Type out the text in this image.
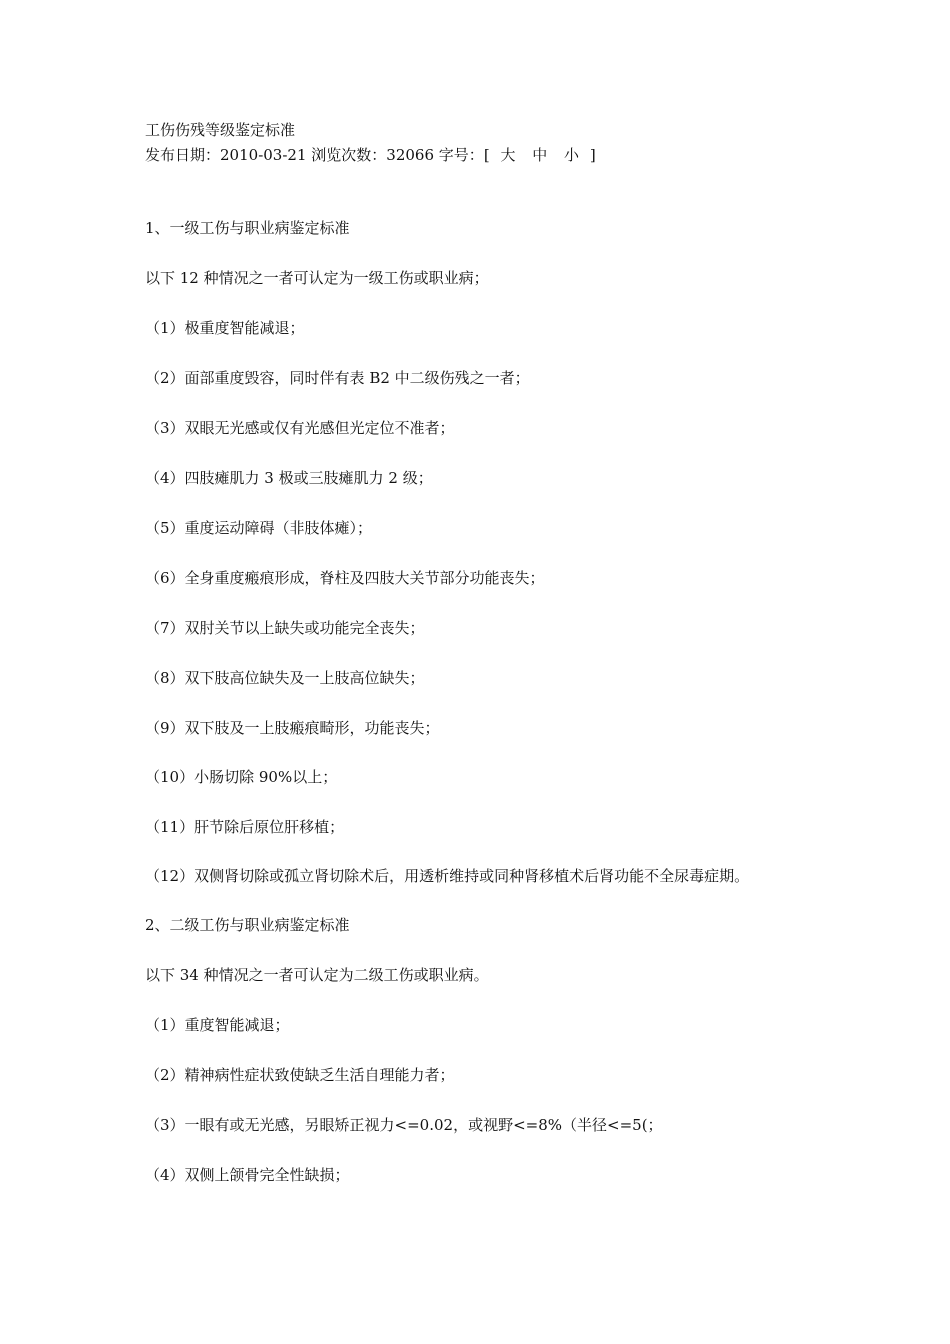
工伤伤残等级鉴定标准
发布日期：2010-03-21 浏览次数：32066 字号：[ 大 中 小 ]
1、一级工伤与职业病鉴定标准
以下 12 种情况之一者可认定为一级工伤或职业病；
（1）极重度智能减退；
（2）面部重度毁容，同时伴有表 B2 中二级伤残之一者；
（3）双眼无光感或仅有光感但光定位不准者；
（4）四肢瘫肌力 3 极或三肢瘫肌力 2 级；
（5）重度运动障碍（非肢体瘫）；
（6）全身重度瘢痕形成，脊柱及四肢大关节部分功能丧失；
（7）双肘关节以上缺失或功能完全丧失；
（8）双下肢高位缺失及一上肢高位缺失；
（9）双下肢及一上肢瘢痕畸形，功能丧失；
（10）小肠切除 90%以上；
（11）肝节除后原位肝移植；
（12）双侧肾切除或孤立肾切除术后，用透析维持或同种肾移植术后肾功能不全尿毒症期。
2、二级工伤与职业病鉴定标准
以下 34 种情况之一者可认定为二级工伤或职业病。
（1）重度智能减退；
（2）精神病性症状致使缺乏生活自理能力者；
（3）一眼有或无光感，另眼矫正视力<=0.02，或视野<=8%（半径<=5(；
（4）双侧上颌骨完全性缺损；
